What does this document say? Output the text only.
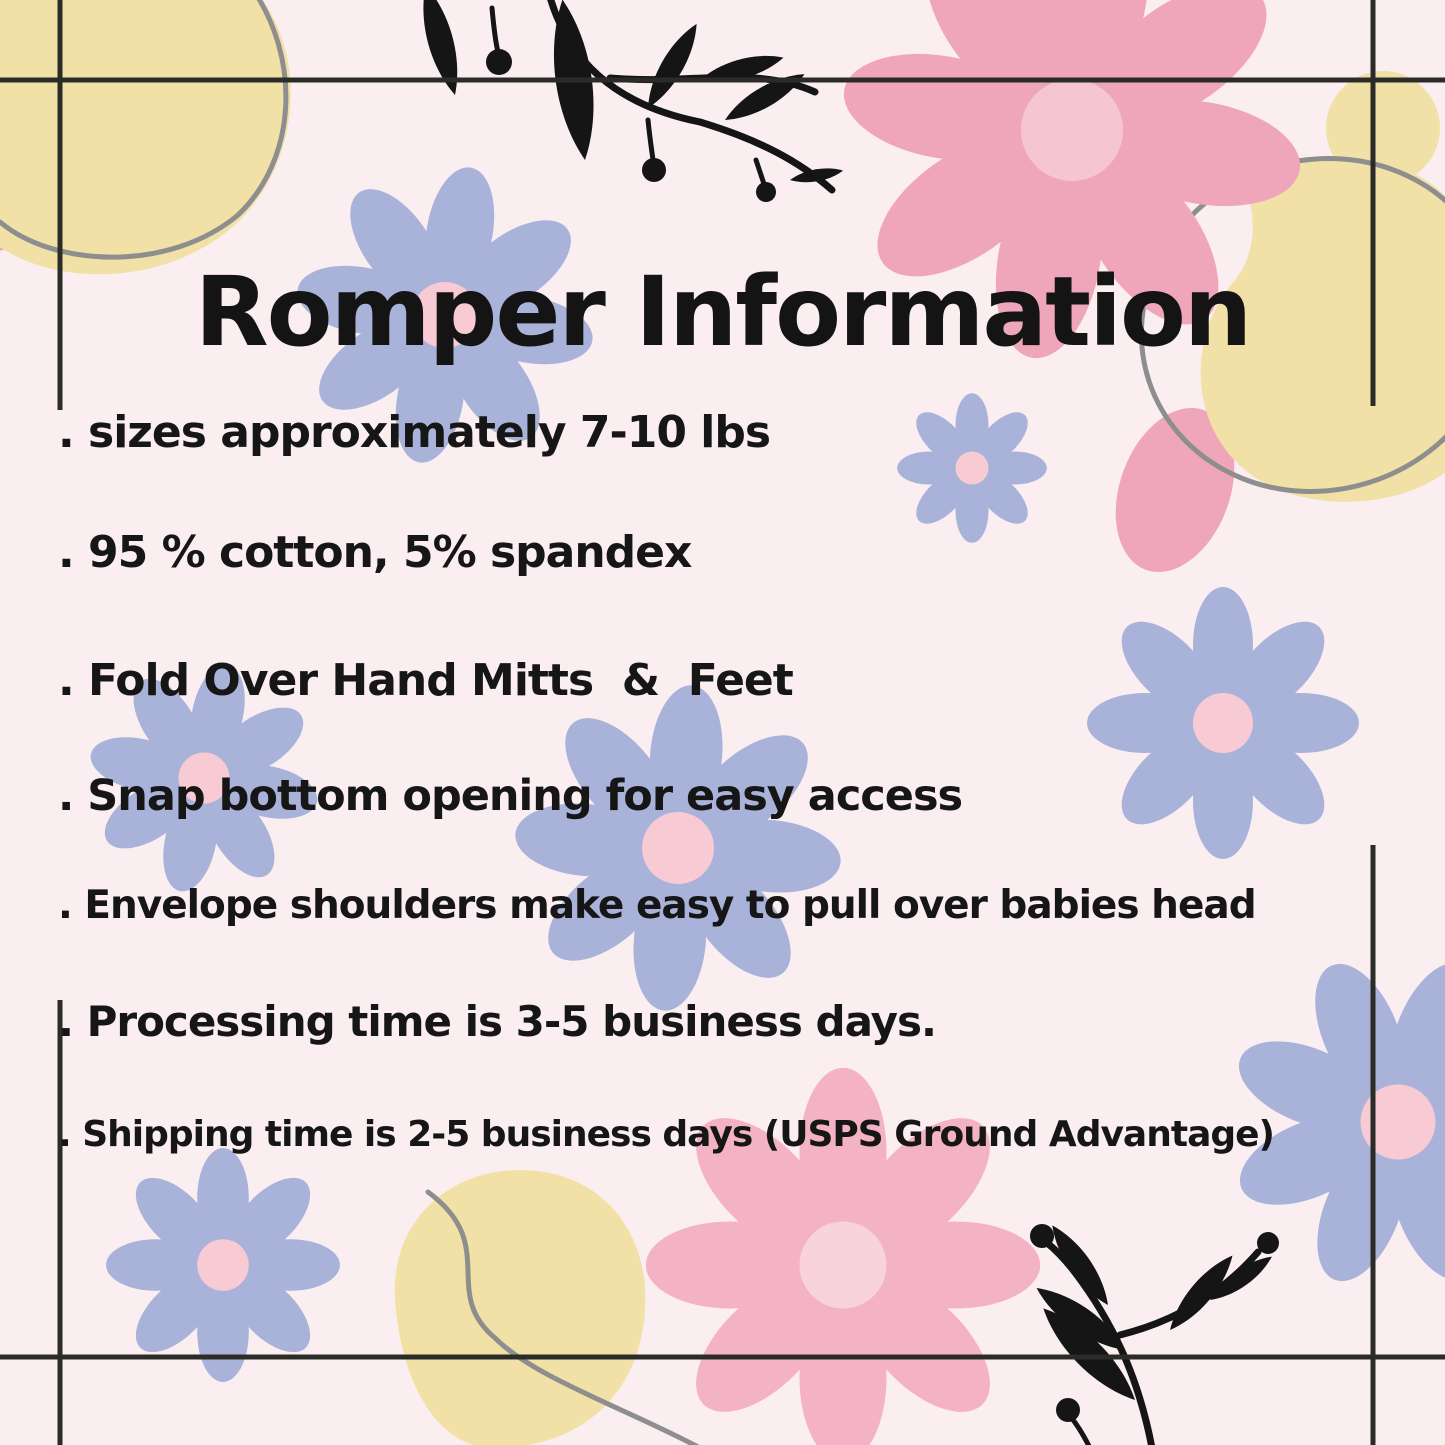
Romper Information
. sizes approximately 7-10 lbs
. 95 % cotton, 5% spandex
. Fold Over Hand Mitts  &  Feet
. Snap bottom opening for easy access
. Envelope shoulders make easy to pull over babies head
. Processing time is 3-5 business days.
. Shipping time is 2-5 business days (USPS Ground Advantage)
